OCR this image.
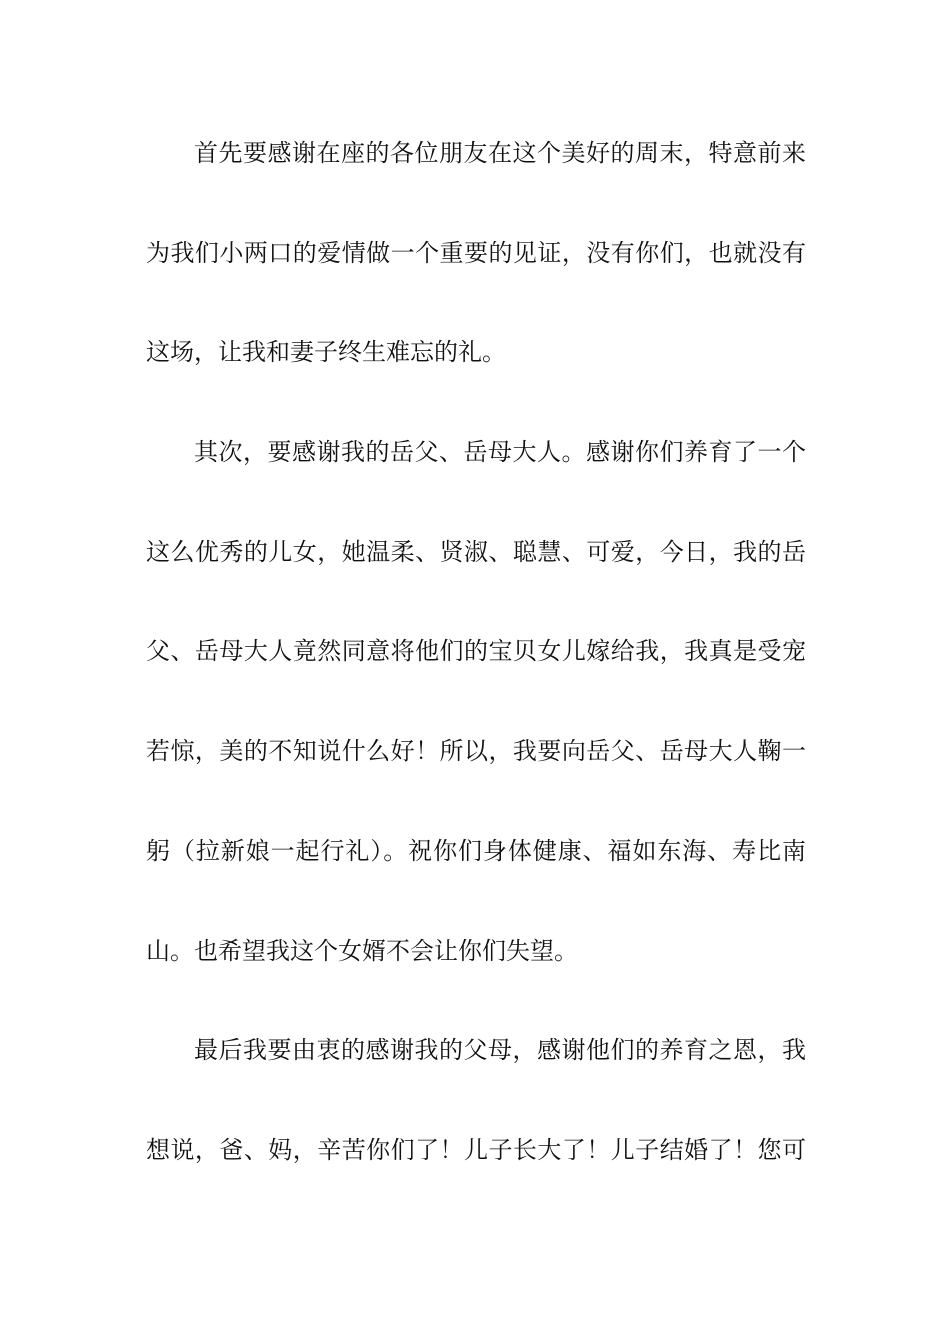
首先要感谢在座的各位朋友在这个美好的周末，特意前来
为我们小两口的爱情做一个重要的见证，没有你们，也就没有
这场，让我和妻子终生难忘的礼。
其次，要感谢我的岳父、岳母大人。感谢你们养育了一个
这么优秀的儿女，她温柔、贤淑、聪慧、可爱，今日，我的岳
父、岳母大人竟然同意将他们的宝贝女儿嫁给我，我真是受宠
若惊，美的不知说什么好！所以，我要向岳父、岳母大人鞠一
躬（拉新娘一起行礼）。祝你们身体健康、福如东海、寿比南
山。也希望我这个女婿不会让你们失望。
最后我要由衷的感谢我的父母，感谢他们的养育之恩，我
想说，爸、妈，辛苦你们了！儿子长大了！儿子结婚了！您可
